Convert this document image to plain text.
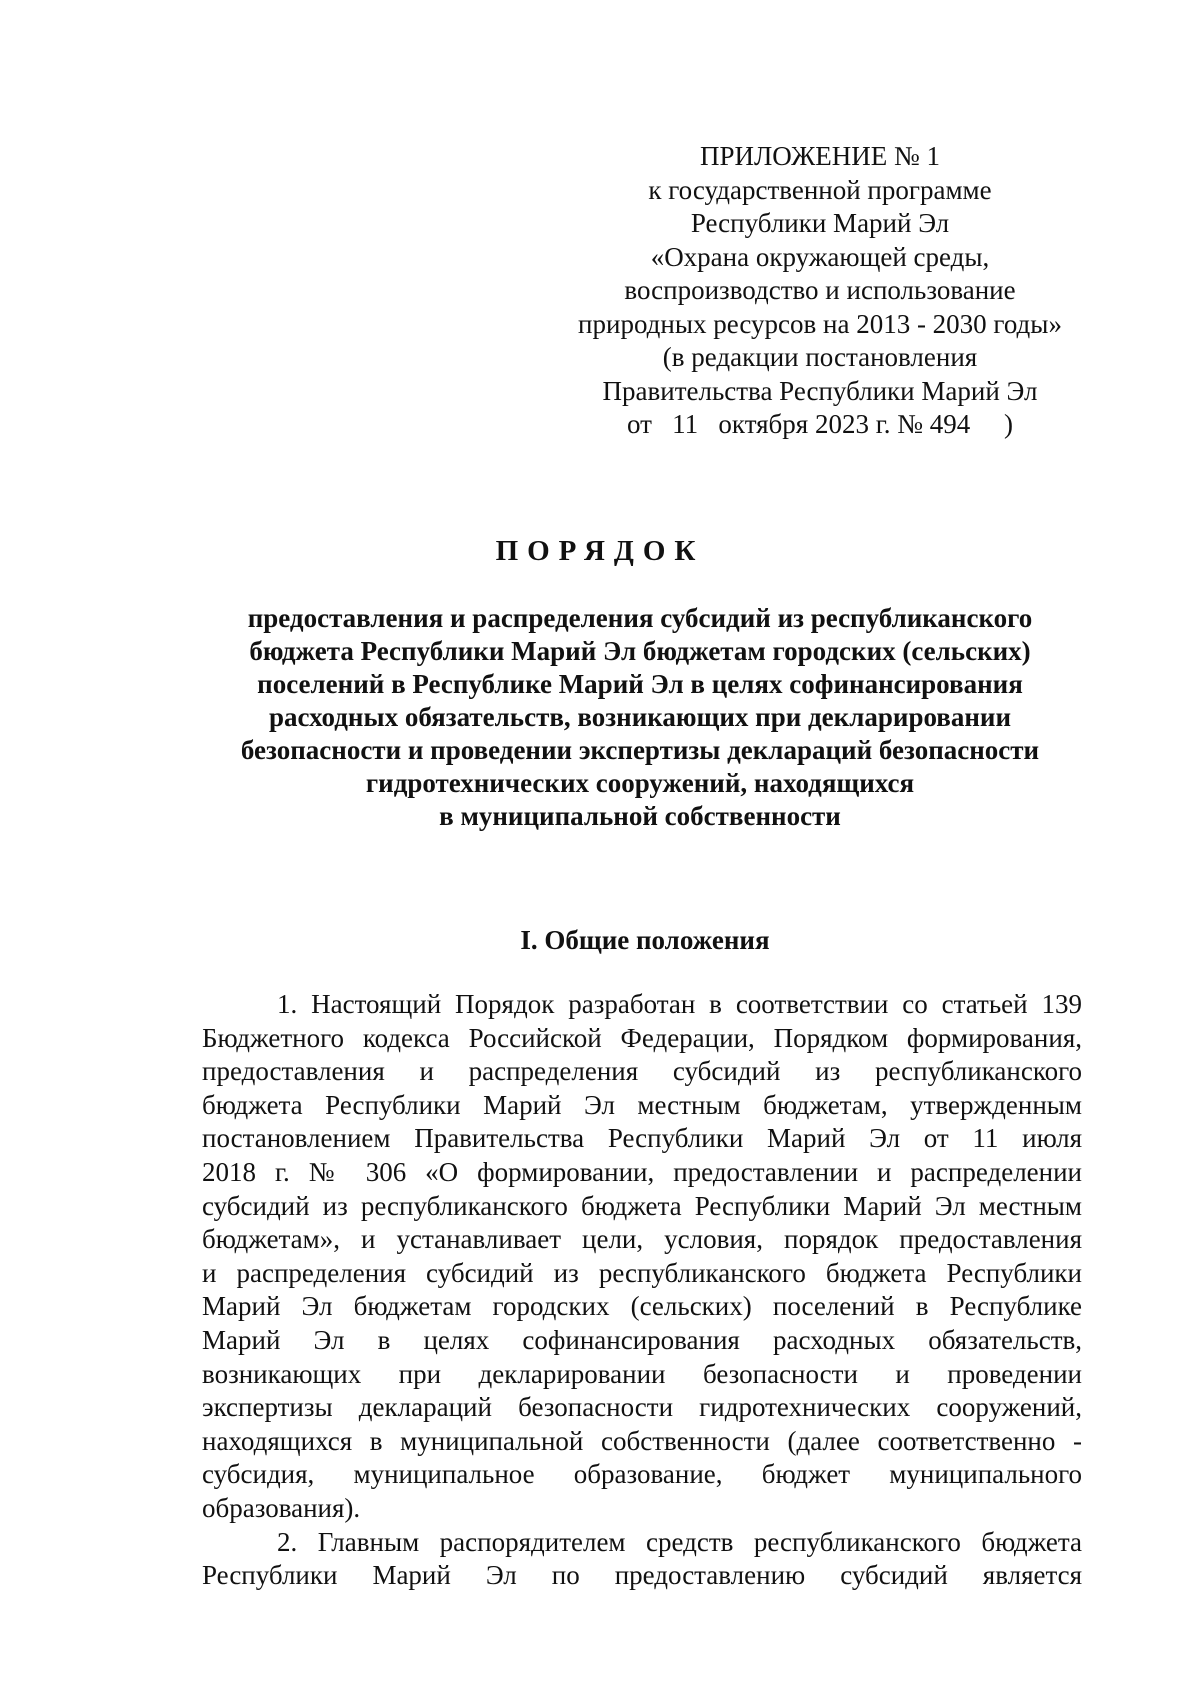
ПРИЛОЖЕНИЕ № 1
к государственной программе
Республики Марий Эл
«Охрана окружающей среды,
воспроизводство и использование
природных ресурсов на 2013 - 2030 годы»
(в редакции постановления
Правительства Республики Марий Эл
от   11   октября 2023 г. № 494     )
ПОРЯДОК
предоставления и распределения субсидий из республиканского
бюджета Республики Марий Эл бюджетам городских (сельских)
поселений в Республике Марий Эл в целях софинансирования
расходных обязательств, возникающих при декларировании
безопасности и проведении экспертизы деклараций безопасности
гидротехнических сооружений, находящихся
в муниципальной собственности
I. Общие положения
1. Настоящий Порядок разработан в соответствии со статьей 139
Бюджетного кодекса Российской Федерации, Порядком формирования,
предоставления и распределения субсидий из республиканского
бюджета Республики Марий Эл местным бюджетам, утвержденным
постановлением Правительства Республики Марий Эл от 11 июля
2018 г. № 306 «О формировании, предоставлении и распределении
субсидий из республиканского бюджета Республики Марий Эл местным
бюджетам», и устанавливает цели, условия, порядок предоставления
и распределения субсидий из республиканского бюджета Республики
Марий Эл бюджетам городских (сельских) поселений в Республике
Марий Эл в целях софинансирования расходных обязательств,
возникающих при декларировании безопасности и проведении
экспертизы деклараций безопасности гидротехнических сооружений,
находящихся в муниципальной собственности (далее соответственно -
субсидия, муниципальное образование, бюджет муниципального
образования).
2. Главным распорядителем средств республиканского бюджета
Республики Марий Эл по предоставлению субсидий является
